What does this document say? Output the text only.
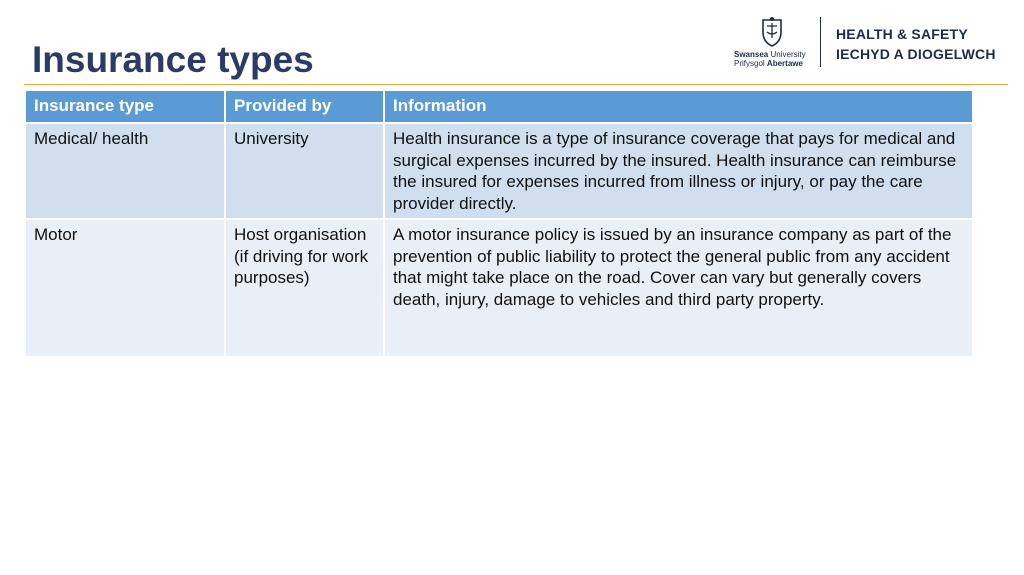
Insurance types	Swansea University
Prifysgol Abertawe
HEALTH & SAFETY
IECHYD A DIOGELWCH
Insurance type	Provided by	Information
Medical/ health	University	Health insurance is a type of insurance coverage that pays for medical and surgical expenses incurred by the insured. Health insurance can reimburse the insured for expenses incurred from illness or injury, or pay the care provider directly.
Motor	Host organisation (if driving for work purposes)	A motor insurance policy is issued by an insurance company as part of the prevention of public liability to protect the general public from any accident that might take place on the road. Cover can vary but generally covers death, injury, damage to vehicles and third party property.
